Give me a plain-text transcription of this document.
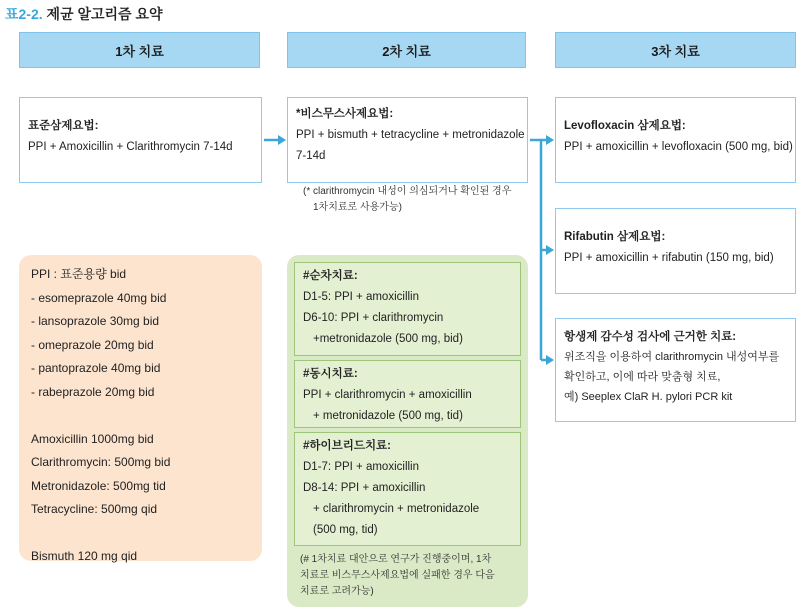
표2-2. 제균 알고리즘 요약
1차 치료	2차 치료	3차 치료
표준삼제요법:
PPI + Amoxicillin + Clarithromycin 7-14d
*비스무스사제요법:
PPI + bismuth + tetracycline + metronidazole
7-14d
(* clarithromycin 내성이 의심되거나 확인된 경우
1차치료로 사용가능)
Levofloxacin 삼제요법:
PPI + amoxicillin + levofloxacin (500 mg, bid)
Rifabutin 삼제요법:
PPI + amoxicillin + rifabutin (150 mg, bid)
항생제 감수성 검사에 근거한 치료:
위조직을 이용하여 clarithromycin 내성여부를
확인하고, 이에 따라 맞춤형 치료,
예) Seeplex ClaR H. pylori PCR kit
PPI : 표준용량 bid
- esomeprazole 40mg bid
- lansoprazole 30mg bid
- omeprazole 20mg bid
- pantoprazole 40mg bid
- rabeprazole 20mg bid
Amoxicillin 1000mg bid
Clarithromycin: 500mg bid
Metronidazole: 500mg tid
Tetracycline: 500mg qid
Bismuth 120 mg qid
#순차치료:
D1-5: PPI + amoxicillin
D6-10: PPI + clarithromycin
+metronidazole (500 mg, bid)
#동시치료:
PPI + clarithromycin + amoxicillin
+ metronidazole (500 mg, tid)
#하이브리드치료:
D1-7: PPI + amoxicillin
D8-14: PPI + amoxicillin
+ clarithromycin + metronidazole
(500 mg, tid)
(# 1차치료 대안으로 연구가 진행중이며, 1차
치료로 비스무스사제요법에 실패한 경우 다음
치료로 고려가능)
